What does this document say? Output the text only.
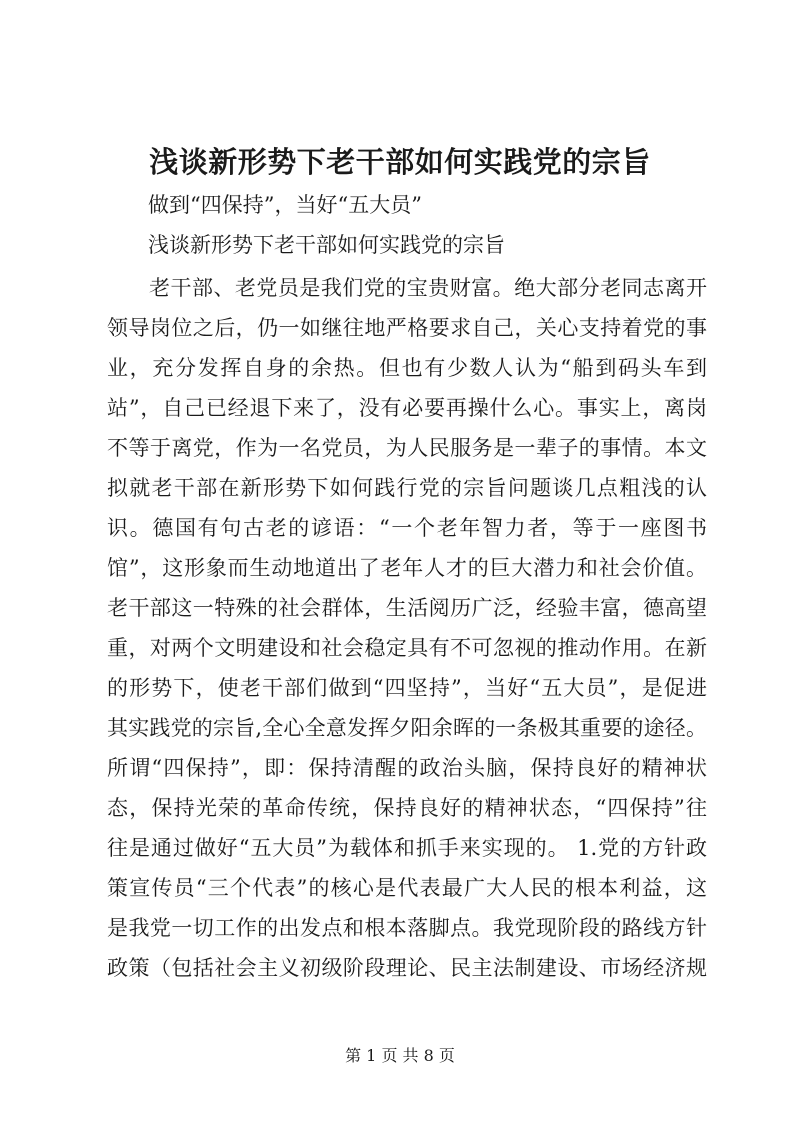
浅谈新形势下老干部如何实践党的宗旨
做到“四保持”，当好“五大员”
浅谈新形势下老干部如何实践党的宗旨
老干部、老党员是我们党的宝贵财富。绝大部分老同志离开
领导岗位之后，仍一如继往地严格要求自己，关心支持着党的事
业，充分发挥自身的余热。但也有少数人认为“船到码头车到
站”，自己已经退下来了，没有必要再操什么心。事实上，离岗
不等于离党，作为一名党员，为人民服务是一辈子的事情。本文
拟就老干部在新形势下如何践行党的宗旨问题谈几点粗浅的认
识。德国有句古老的谚语：“一个老年智力者，等于一座图书
馆”，这形象而生动地道出了老年人才的巨大潜力和社会价值。
老干部这一特殊的社会群体，生活阅历广泛，经验丰富，德高望
重，对两个文明建设和社会稳定具有不可忽视的推动作用。在新
的形势下，使老干部们做到“四坚持”，当好“五大员”，是促进
其实践党的宗旨,全心全意发挥夕阳余晖的一条极其重要的途径。
所谓“四保持”，即：保持清醒的政治头脑，保持良好的精神状
态，保持光荣的革命传统，保持良好的精神状态，“四保持”往
往是通过做好“五大员”为载体和抓手来实现的。 1.党的方针政
策宣传员“三个代表”的核心是代表最广大人民的根本利益，这
是我党一切工作的出发点和根本落脚点。我党现阶段的路线方针
政策（包括社会主义初级阶段理论、民主法制建设、市场经济规
第 1 页 共 8 页
